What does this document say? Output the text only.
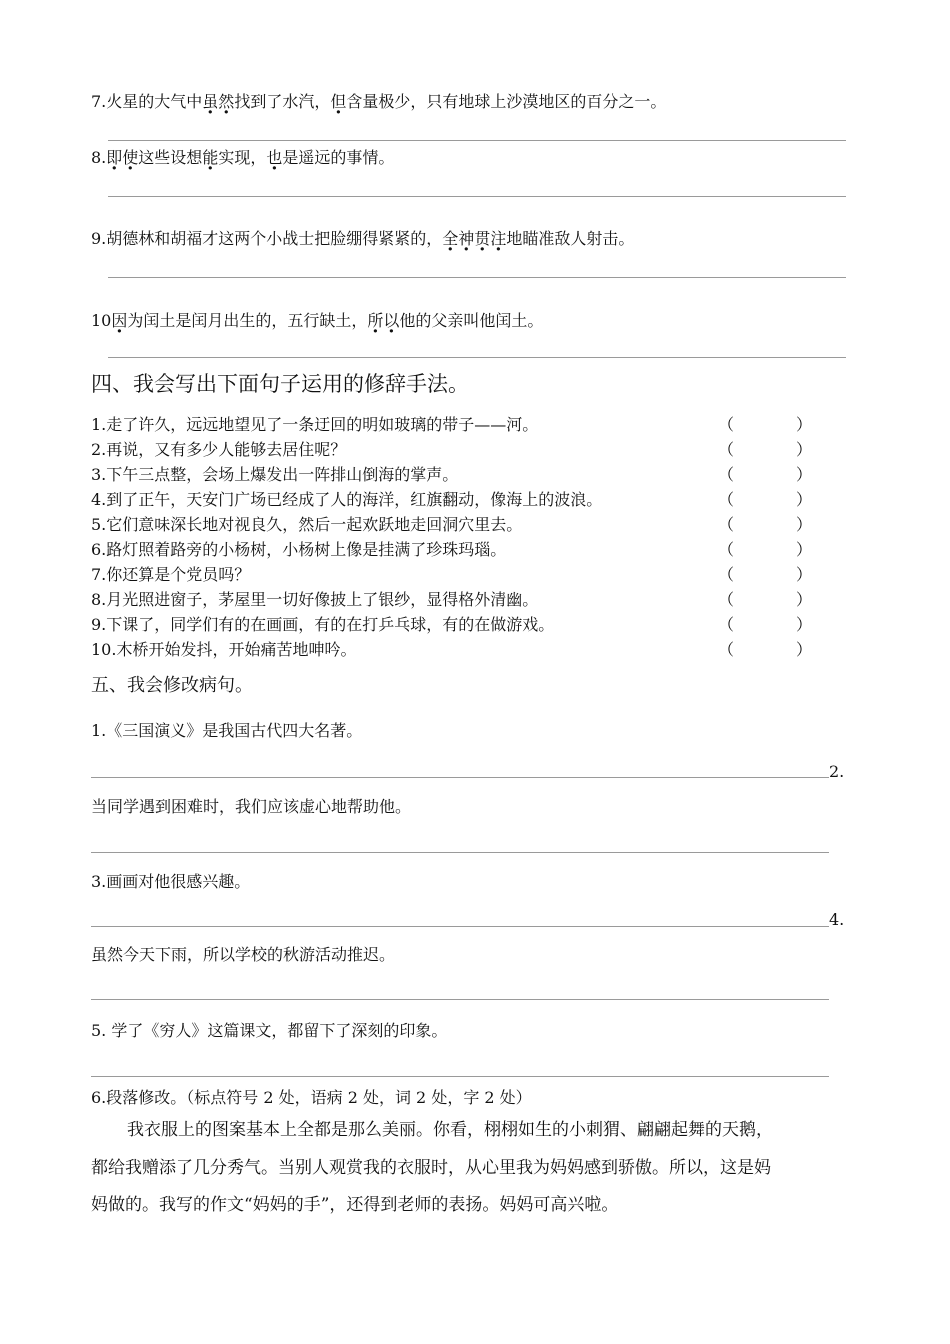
7.火星的大气中虽然找到了水汽，但含量极少，只有地球上沙漠地区的百分之一。
8.即使这些设想能实现，也是遥远的事情。
9.胡德林和胡福才这两个小战士把脸绷得紧紧的，全神贯注地瞄准敌人射击。
10因为闰土是闰月出生的，五行缺土，所以他的父亲叫他闰土。
四、我会写出下面句子运用的修辞手法。
1.走了许久，远远地望见了一条迂回的明如玻璃的带子——河。	（	）
2.再说，又有多少人能够去居住呢？	（	）
3.下午三点整，会场上爆发出一阵排山倒海的掌声。	（	）
4.到了正午，天安门广场已经成了人的海洋，红旗翻动，像海上的波浪。	（	）
5.它们意味深长地对视良久，然后一起欢跃地走回洞穴里去。	（	）
6.路灯照着路旁的小杨树，小杨树上像是挂满了珍珠玛瑙。	（	）
7.你还算是个党员吗？	（	）
8.月光照进窗子，茅屋里一切好像披上了银纱，显得格外清幽。	（	）
9.下课了，同学们有的在画画，有的在打乒乓球，有的在做游戏。	（	）
10.木桥开始发抖，开始痛苦地呻吟。	（	）
五、我会修改病句。
1.《三国演义》是我国古代四大名著。
2.
当同学遇到困难时，我们应该虚心地帮助他。
3.画画对他很感兴趣。
4.
虽然今天下雨，所以学校的秋游活动推迟。
5. 学了《穷人》这篇课文，都留下了深刻的印象。
6.段落修改。（标点符号 2 处，语病 2 处，词 2 处，字 2 处）
我衣服上的图案基本上全都是那么美丽。你看，栩栩如生的小刺猬、翩翩起舞的天鹅，
都给我赠添了几分秀气。当别人观赏我的衣服时，从心里我为妈妈感到骄傲。所以，这是妈
妈做的。我写的作文“妈妈的手”，还得到老师的表扬。妈妈可高兴啦。
